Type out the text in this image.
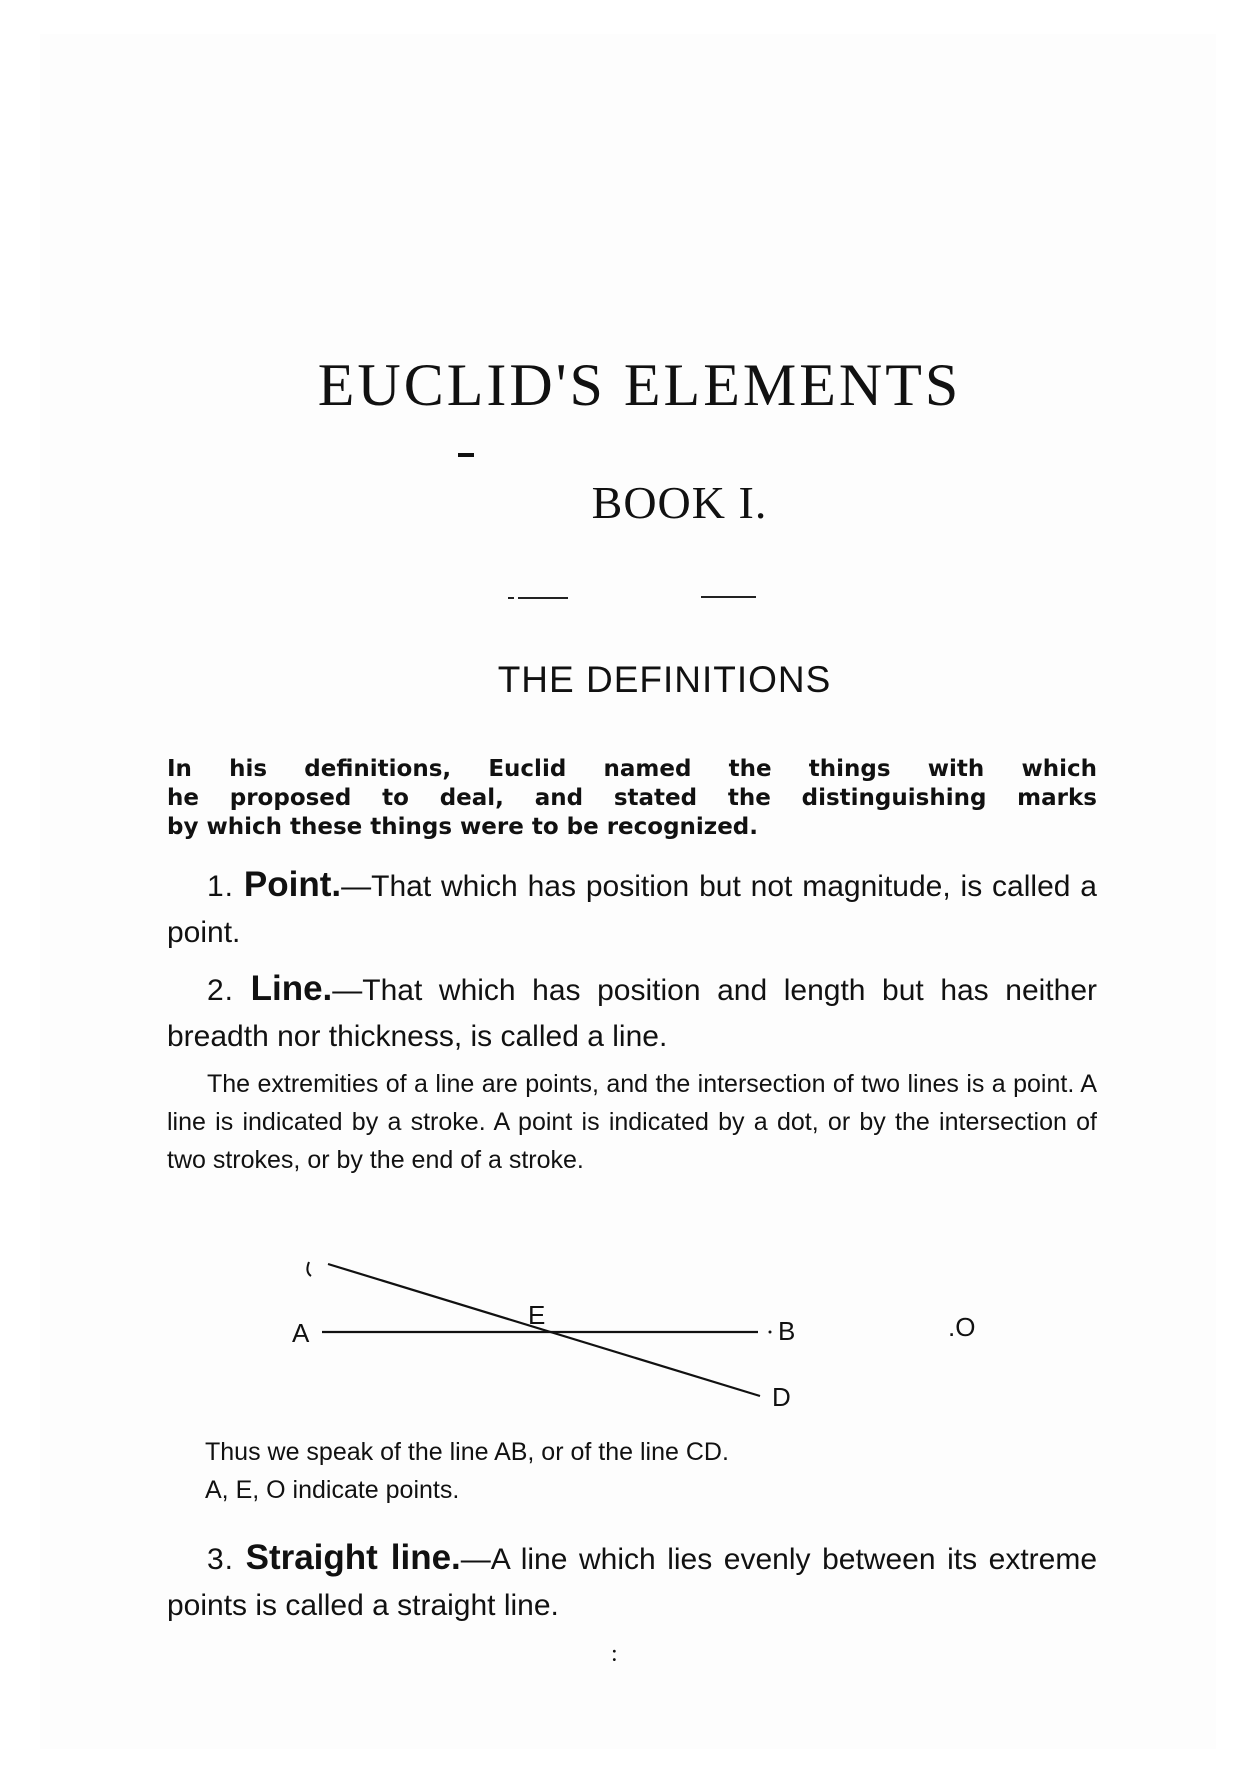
EUCLID'S ELEMENTS
BOOK I.
THE DEFINITIONS
In his definitions, Euclid named the things with which
he proposed to deal, and stated the distinguishing marks
by which these things were to be recognized.
1. Point.—That which has position but not magnitude, is called a point.
2. Line.—That which has position and length but has neither breadth nor thickness, is called a line.
The extremities of a line are points, and the intersection of two lines is a point. A line is indicated by a stroke. A point is indicated by a dot, or by the intersection of two strokes, or by the end of a stroke.
A
E
B
D
.O
Thus we speak of the line AB, or of the line CD.
A, E, O indicate points.
3. Straight line.—A line which lies evenly between its extreme points is called a straight line.
:
